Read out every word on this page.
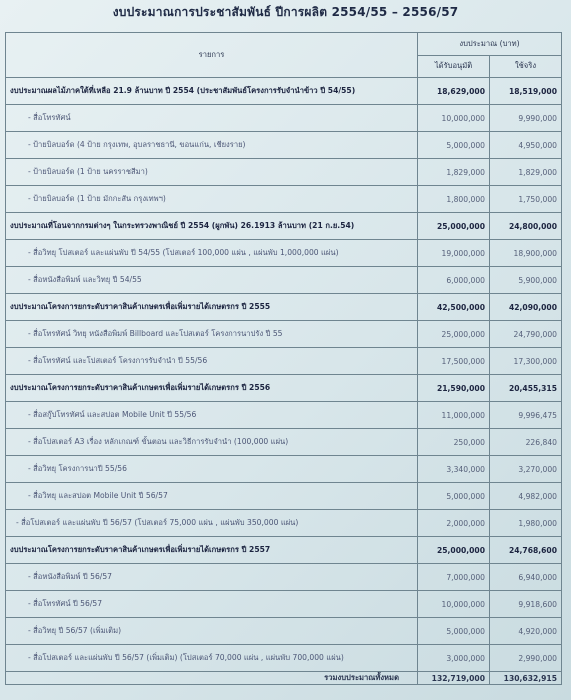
งบประมาณการประชาสัมพันธ์ ปีการผลิต 2554/55 – 2556/57
รายการ	งบประมาณ (บาท)	
	ได้รับอนุมัติ	ใช้จริง
งบประมาณผลไม้ภาคใต้ที่เหลือ 21.9 ล้านบาท ปี 2554 (ประชาสัมพันธ์โครงการรับจำนำข้าว ปี 54/55)	18,629,000	18,519,000
- สื่อโทรทัศน์	10,000,000	9,990,000
- ป้ายบิลบอร์ด (4 ป้าย กรุงเทพ, อุบลราชธานี, ขอนแก่น, เชียงราย)	5,000,000	4,950,000
- ป้ายบิลบอร์ด (1 ป้าย นครราชสีมา)	1,829,000	1,829,000
- ป้ายบิลบอร์ด (1 ป้าย มักกะสัน กรุงเทพฯ)	1,800,000	1,750,000
งบประมาณที่โอนจากกรมต่างๆ ในกระทรวงพาณิชย์ ปี 2554 (ผูกพัน) 26.1913 ล้านบาท (21 ก.ย.54)	25,000,000	24,800,000
- สื่อวิทยุ โปสเตอร์ และแผ่นพับ ปี 54/55 (โปสเตอร์ 100,000 แผ่น , แผ่นพับ 1,000,000 แผ่น)	19,000,000	18,900,000
- สื่อหนังสือพิมพ์ และวิทยุ ปี 54/55	6,000,000	5,900,000
งบประมาณโครงการยกระดับราคาสินค้าเกษตรเพื่อเพิ่มรายได้เกษตรกร ปี 2555	42,500,000	42,090,000
- สื่อโทรทัศน์ วิทยุ หนังสือพิมพ์ Billboard และโปสเตอร์ โครงการนาปรัง ปี 55	25,000,000	24,790,000
- สื่อโทรทัศน์ และโปสเตอร์ โครงการรับจำนำ ปี 55/56	17,500,000	17,300,000
งบประมาณโครงการยกระดับราคาสินค้าเกษตรเพื่อเพิ่มรายได้เกษตรกร ปี 2556	21,590,000	20,455,315
- สื่อสกู๊ปโทรทัศน์ และสปอต Mobile Unit ปี 55/56	11,000,000	9,996,475
- สื่อโปสเตอร์ A3 เรื่อง หลักเกณฑ์ ขั้นตอน และวิธีการรับจำนำ (100,000 แผ่น)	250,000	226,840
- สื่อวิทยุ โครงการนาปี 55/56	3,340,000	3,270,000
- สื่อวิทยุ และสปอต Mobile Unit ปี 56/57	5,000,000	4,982,000
- สื่อโปสเตอร์ และแผ่นพับ ปี 56/57 (โปสเตอร์ 75,000 แผ่น , แผ่นพับ 350,000 แผ่น)	2,000,000	1,980,000
งบประมาณโครงการยกระดับราคาสินค้าเกษตรเพื่อเพิ่มรายได้เกษตรกร ปี 2557	25,000,000	24,768,600
- สื่อหนังสือพิมพ์ ปี 56/57	7,000,000	6,940,000
- สื่อโทรทัศน์ ปี 56/57	10,000,000	9,918,600
- สื่อวิทยุ ปี 56/57 (เพิ่มเติม)	5,000,000	4,920,000
- สื่อโปสเตอร์ และแผ่นพับ ปี 56/57 (เพิ่มเติม) (โปสเตอร์ 70,000 แผ่น , แผ่นพับ 700,000 แผ่น)	3,000,000	2,990,000
รวมงบประมาณทั้งหมด	132,719,000	130,632,915
